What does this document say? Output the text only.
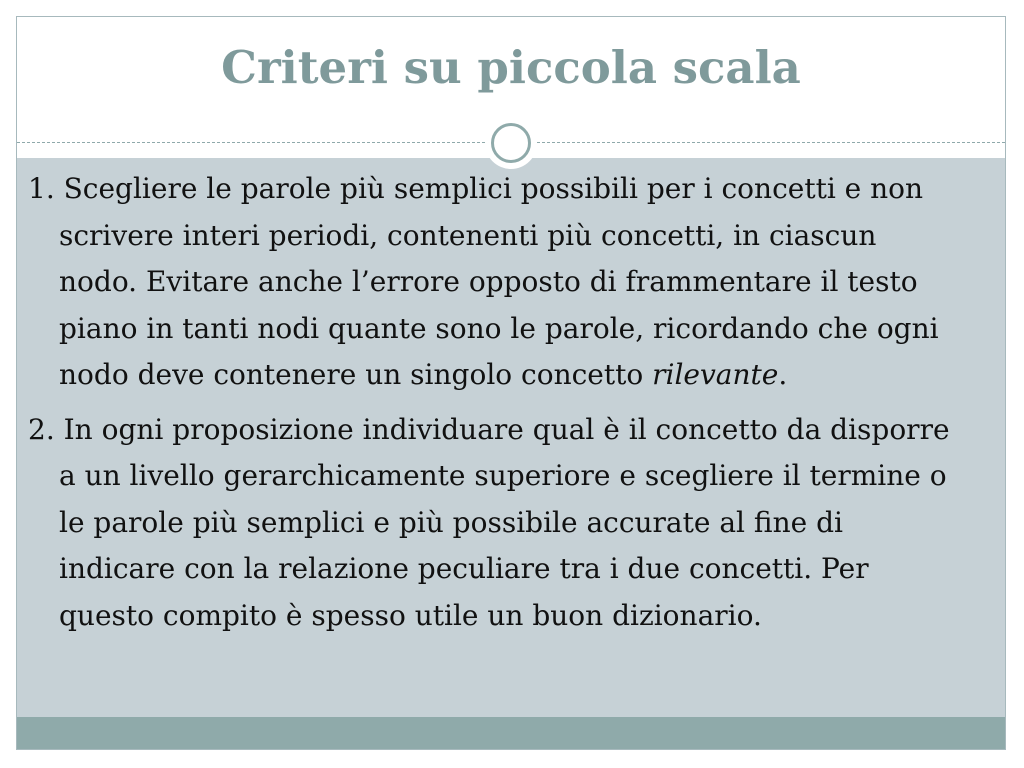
Criteri su piccola scala

1. Scegliere le parole più semplici possibili per i concetti e non scrivere interi periodi, contenenti più concetti, in ciascun nodo. Evitare anche l’errore opposto di frammentare il testo piano in tanti nodi quante sono le parole, ricordando che ogni nodo deve contenere un singolo concetto rilevante.

2. In ogni proposizione individuare qual è il concetto da disporre a un livello gerarchicamente superiore e scegliere il termine o le parole più semplici e più possibile accurate al fine di indicare con la relazione peculiare tra i due concetti. Per questo compito è spesso utile un buon dizionario.
